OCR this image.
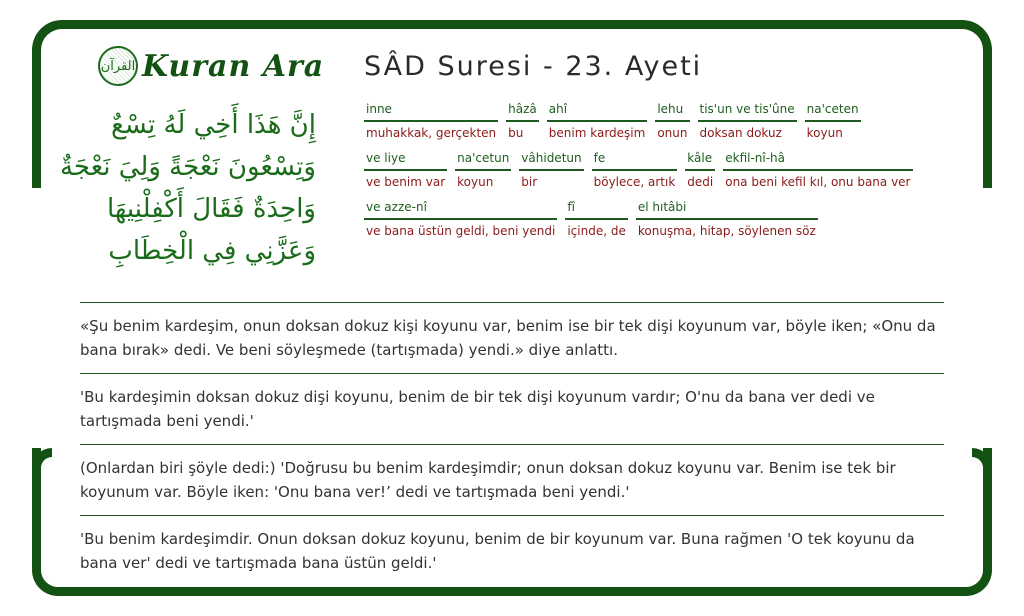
القرآن Kuran Ara
إِنَّ هَذَا أَخِي لَهُ تِسْعٌ وَتِسْعُونَ نَعْجَةً وَلِيَ نَعْجَةٌ وَاحِدَةٌ فَقَالَ أَكْفِلْنِيهَا وَعَزَّنِي فِي الْخِطَابِ
SÂD Suresi - 23. Ayeti
inne
muhakkak, gerçekten
hâzâ
bu
ahî
benim kardeşim
lehu
onun
tis'un ve tis'ûne
doksan dokuz
na'ceten
koyun
ve liye
ve benim var
na'cetun
koyun
vâhidetun
bir
fe
böylece, artık
kâle
dedi
ekfil-nî-hâ
ona beni kefil kıl, onu bana ver
ve azze-nî
ve bana üstün geldi, beni yendi
fî
içinde, de
el hıtâbi
konuşma, hitap, söylenen söz
«Şu benim kardeşim, onun doksan dokuz kişi koyunu var, benim ise bir tek dişi koyunum var, böyle iken; «Onu da bana bırak» dedi. Ve beni söyleşmede (tartışmada) yendi.» diye anlattı.
'Bu kardeşimin doksan dokuz dişi koyunu, benim de bir tek dişi koyunum vardır; O'nu da bana ver dedi ve tartışmada beni yendi.'
(Onlardan biri şöyle dedi:) 'Doğrusu bu benim kardeşimdir; onun doksan dokuz koyunu var. Benim ise tek bir koyunum var. Böyle iken: 'Onu bana ver!’ dedi ve tartışmada beni yendi.'
'Bu benim kardeşimdir. Onun doksan dokuz koyunu, benim de bir koyunum var. Buna rağmen 'O tek koyunu da bana ver' dedi ve tartışmada bana üstün geldi.'
